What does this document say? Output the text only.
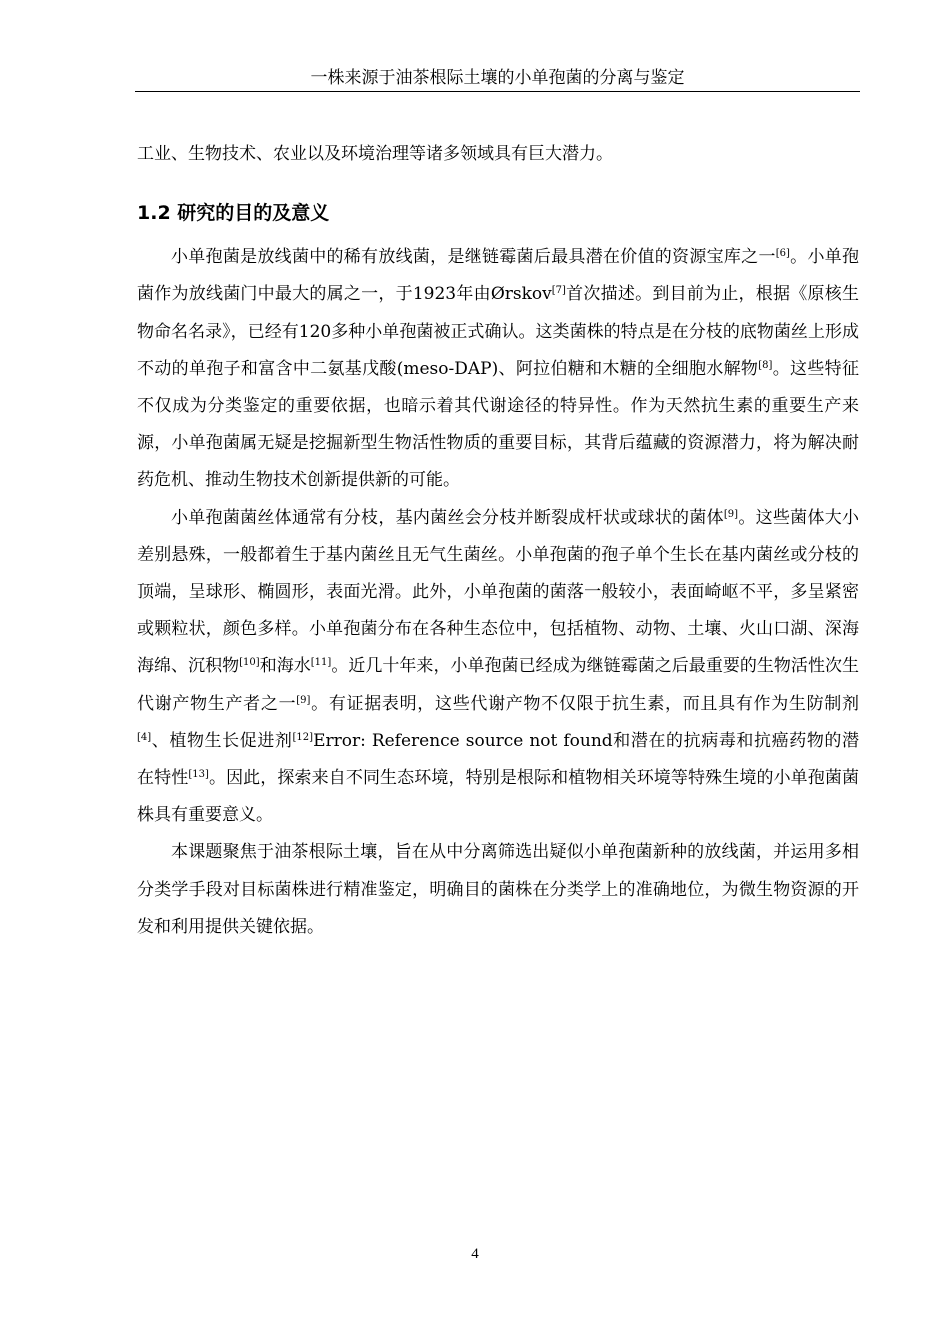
一株来源于油茶根际土壤的小单孢菌的分离与鉴定

工业、生物技术、农业以及环境治理等诸多领域具有巨大潜力。

1.2 研究的目的及意义

小单孢菌是放线菌中的稀有放线菌，是继链霉菌后最具潜在价值的资源宝库之一[6]。小单孢菌作为放线菌门中最大的属之一，于1923年由Ørskov[7]首次描述。到目前为止，根据《原核生物命名名录》，已经有120多种小单孢菌被正式确认。这类菌株的特点是在分枝的底物菌丝上形成不动的单孢子和富含中二氨基戊酸(meso-DAP)、阿拉伯糖和木糖的全细胞水解物[8]。这些特征不仅成为分类鉴定的重要依据，也暗示着其代谢途径的特异性。作为天然抗生素的重要生产来源，小单孢菌属无疑是挖掘新型生物活性物质的重要目标，其背后蕴藏的资源潜力，将为解决耐药危机、推动生物技术创新提供新的可能。

小单孢菌菌丝体通常有分枝，基内菌丝会分枝并断裂成杆状或球状的菌体[9]。这些菌体大小差别悬殊，一般都着生于基内菌丝且无气生菌丝。小单孢菌的孢子单个生长在基内菌丝或分枝的顶端，呈球形、椭圆形，表面光滑。此外，小单孢菌的菌落一般较小，表面崎岖不平，多呈紧密或颗粒状，颜色多样。小单孢菌分布在各种生态位中，包括植物、动物、土壤、火山口湖、深海海绵、沉积物[10]和海水[11]。近几十年来，小单孢菌已经成为继链霉菌之后最重要的生物活性次生代谢产物生产者之一[9]。有证据表明，这些代谢产物不仅限于抗生素，而且具有作为生防制剂[4]、植物生长促进剂[12]Error: Reference source not found和潜在的抗病毒和抗癌药物的潜在特性[13]。因此，探索来自不同生态环境，特别是根际和植物相关环境等特殊生境的小单孢菌菌株具有重要意义。

本课题聚焦于油茶根际土壤，旨在从中分离筛选出疑似小单孢菌新种的放线菌，并运用多相分类学手段对目标菌株进行精准鉴定，明确目的菌株在分类学上的准确地位，为微生物资源的开发和利用提供关键依据。

4
